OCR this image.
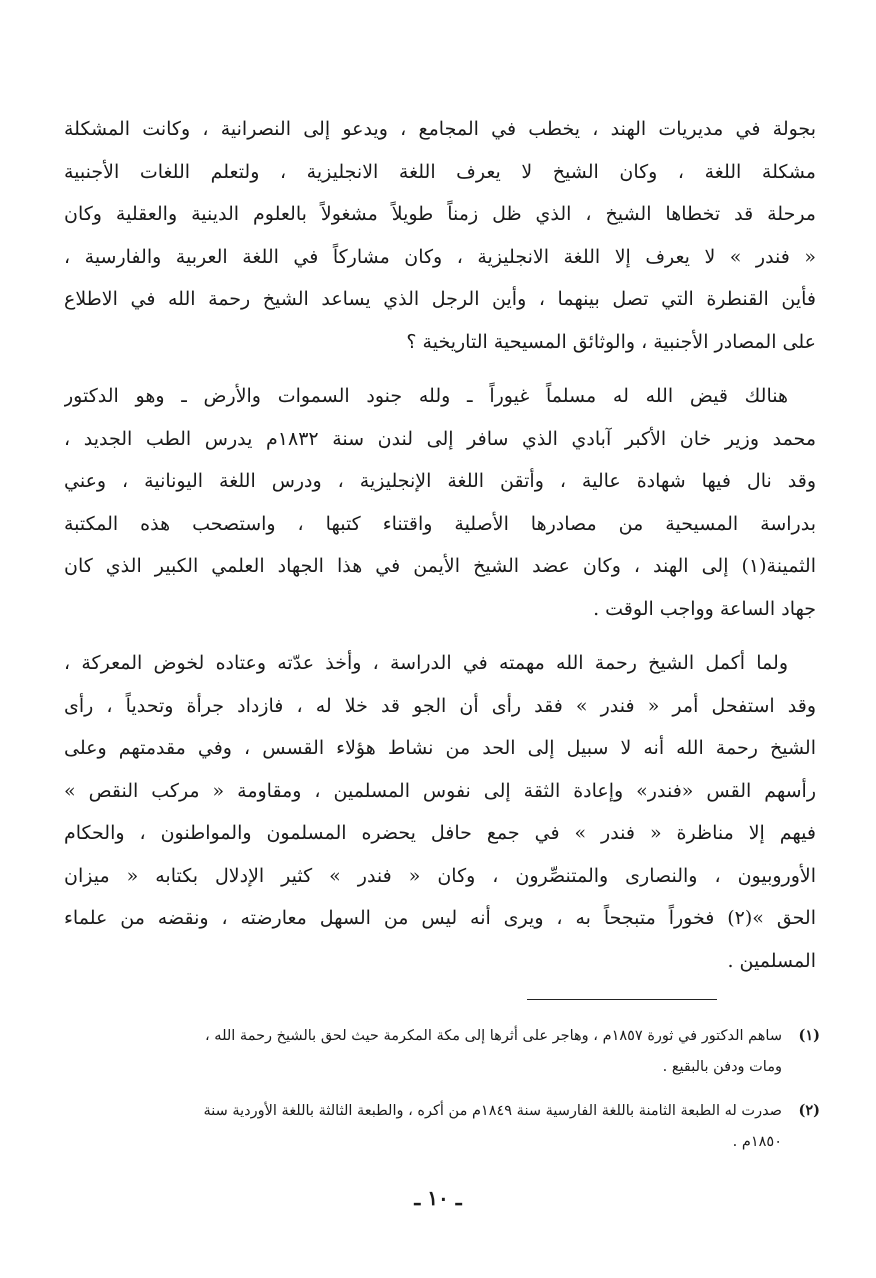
بجولة في مديريات الهند ، يخطب في المجامع ، ويدعو إلى النصرانية ، وكانت المشكلة
مشكلة اللغة ، وكان الشيخ لا يعرف اللغة الانجليزية ، ولتعلم اللغات الأجنبية
مرحلة قد تخطاها الشيخ ، الذي ظل زمناً طويلاً مشغولاً بالعلوم الدينية والعقلية وكان
« فندر » لا يعرف إلا اللغة الانجليزية ، وكان مشاركاً في اللغة العربية والفارسية ،
فأين القنطرة التي تصل بينهما ، وأين الرجل الذي يساعد الشيخ رحمة الله في الاطلاع
على المصادر الأجنبية ، والوثائق المسيحية التاريخية ؟

هنالك قيض الله له مسلماً غيوراً ـ ولله جنود السموات والأرض ـ وهو الدكتور
محمد وزير خان الأكبر آبادي الذي سافر إلى لندن سنة ١٨٣٢م يدرس الطب الجديد ،
وقد نال فيها شهادة عالية ، وأتقن اللغة الإنجليزية ، ودرس اللغة اليونانية ، وعني
بدراسة المسيحية من مصادرها الأصلية واقتناء كتبها ، واستصحب هذه المكتبة
الثمينة(١) إلى الهند ، وكان عضد الشيخ الأيمن في هذا الجهاد العلمي الكبير الذي كان
جهاد الساعة وواجب الوقت .

ولما أكمل الشيخ رحمة الله مهمته في الدراسة ، وأخذ عدّته وعتاده لخوض المعركة ،
وقد استفحل أمر « فندر » فقد رأى أن الجو قد خلا له ، فازداد جرأة وتحدياً ، رأى
الشيخ رحمة الله أنه لا سبيل إلى الحد من نشاط هؤلاء القسس ، وفي مقدمتهم وعلى
رأسهم القس «فندر» وإعادة الثقة إلى نفوس المسلمين ، ومقاومة « مركب النقص »
فيهم إلا مناظرة « فندر » في جمع حافل يحضره المسلمون والمواطنون ، والحكام
الأوروبيون ، والنصارى والمتنصِّرون ، وكان « فندر » كثير الإدلال بكتابه « ميزان
الحق »(٢) فخوراً متبجحاً به ، ويرى أنه ليس من السهل معارضته ، ونقضه من علماء
المسلمين .

(١)ساهم الدكتور في ثورة ١٨٥٧م ، وهاجر على أثرها إلى مكة المكرمة حيث لحق بالشيخ رحمة الله ،
ومات ودفن بالبقيع .
(٢)صدرت له الطبعة الثامنة باللغة الفارسية سنة ١٨٤٩م من أكره ، والطبعة الثالثة باللغة الأوردية سنة
١٨٥٠م .
ـ ١٠ ـ
